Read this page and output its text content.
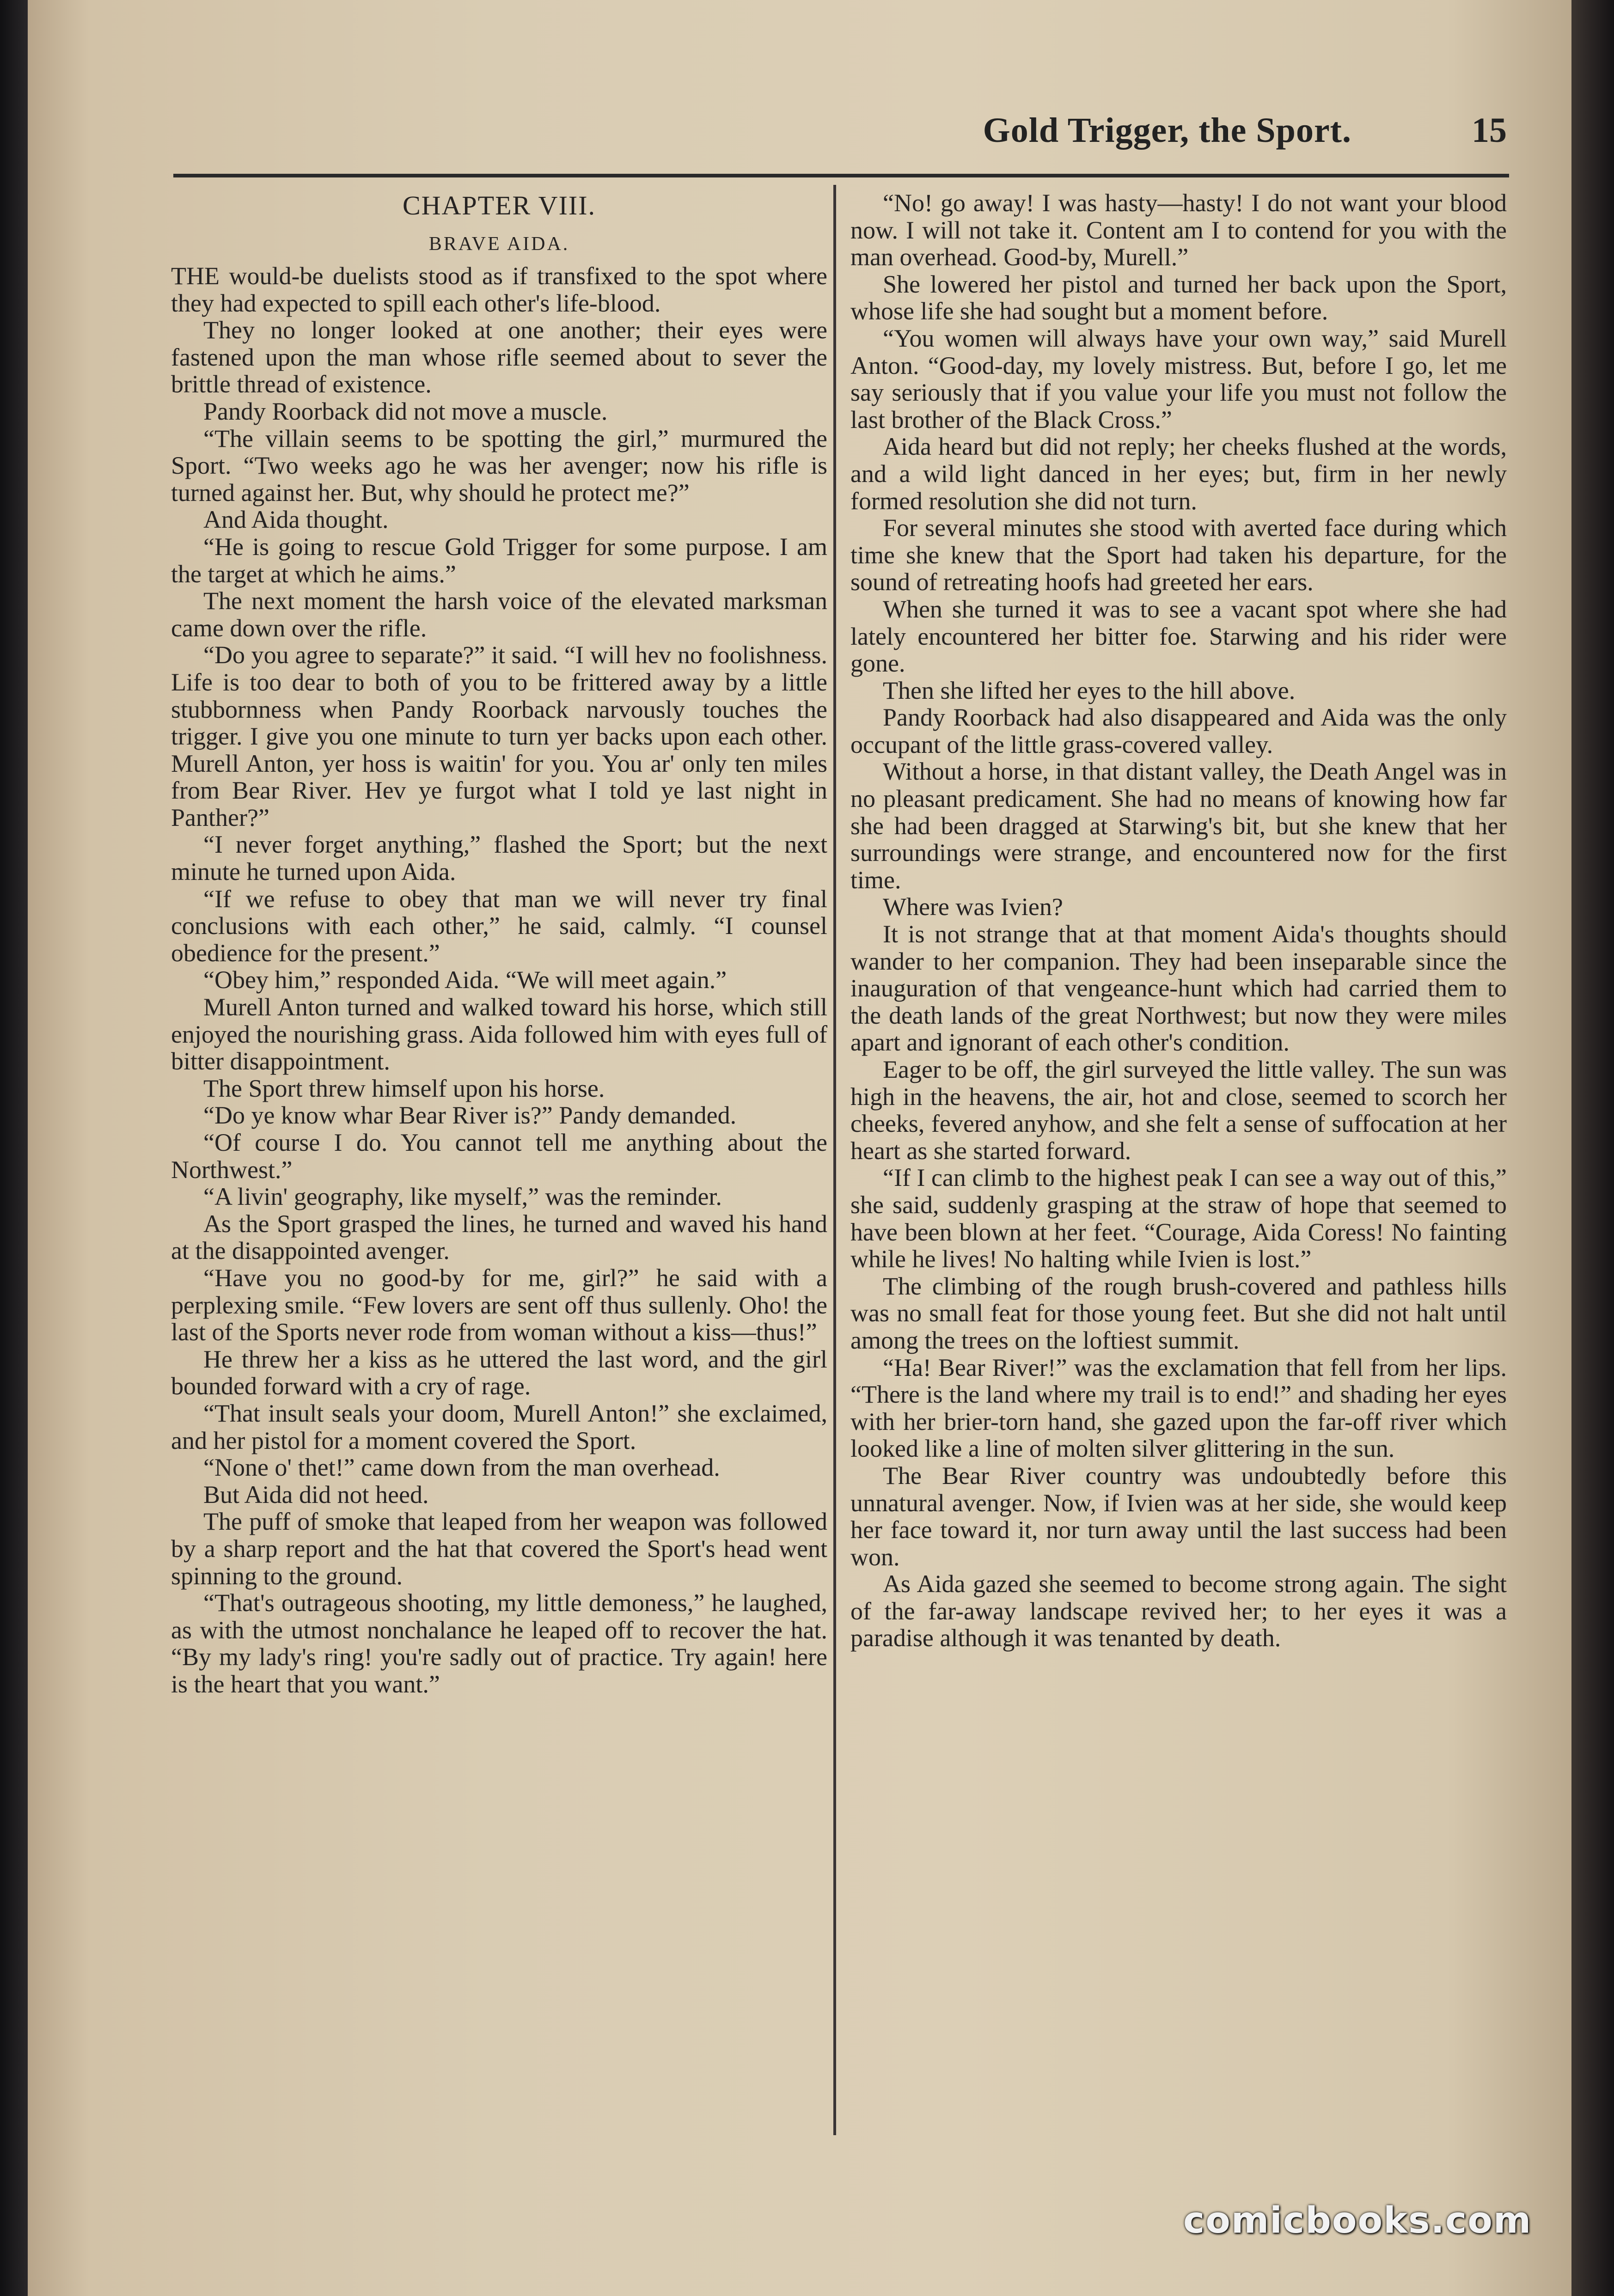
Gold Trigger, the Sport.	15
CHAPTER VIII.
BRAVE AIDA.

THE would-be duelists stood as if transfixed to the spot where they had expected to spill each other's life-blood.

They no longer looked at one another; their eyes were fastened upon the man whose rifle seemed about to sever the brittle thread of existence.

Pandy Roorback did not move a muscle.

“The villain seems to be spotting the girl,” murmured the Sport. “Two weeks ago he was her avenger; now his rifle is turned against her. But, why should he protect me?”

And Aida thought.

“He is going to rescue Gold Trigger for some purpose. I am the target at which he aims.”

The next moment the harsh voice of the elevated marksman came down over the rifle.

“Do you agree to separate?” it said. “I will hev no foolishness. Life is too dear to both of you to be frittered away by a little stubbornness when Pandy Roorback narvously touches the trigger. I give you one minute to turn yer backs upon each other. Murell Anton, yer hoss is waitin' for you. You ar' only ten miles from Bear River. Hev ye furgot what I told ye last night in Panther?”

“I never forget anything,” flashed the Sport; but the next minute he turned upon Aida.

“If we refuse to obey that man we will never try final conclusions with each other,” he said, calmly. “I counsel obedience for the present.”

“Obey him,” responded Aida. “We will meet again.”

Murell Anton turned and walked toward his horse, which still enjoyed the nourishing grass. Aida followed him with eyes full of bitter disappointment.

The Sport threw himself upon his horse.

“Do ye know whar Bear River is?” Pandy demanded.

“Of course I do. You cannot tell me anything about the Northwest.”

“A livin' geography, like myself,” was the reminder.

As the Sport grasped the lines, he turned and waved his hand at the disappointed avenger.

“Have you no good-by for me, girl?” he said with a perplexing smile. “Few lovers are sent off thus sullenly. Oho! the last of the Sports never rode from woman without a kiss—thus!”

He threw her a kiss as he uttered the last word, and the girl bounded forward with a cry of rage.

“That insult seals your doom, Murell Anton!” she exclaimed, and her pistol for a moment covered the Sport.

“None o' thet!” came down from the man overhead.

But Aida did not heed.

The puff of smoke that leaped from her weapon was followed by a sharp report and the hat that covered the Sport's head went spinning to the ground.

“That's outrageous shooting, my little demoness,” he laughed, as with the utmost nonchalance he leaped off to recover the hat. “By my lady's ring! you're sadly out of practice. Try again! here is the heart that you want.”

“No! go away! I was hasty—hasty! I do not want your blood now. I will not take it. Content am I to contend for you with the man overhead. Good-by, Murell.”

She lowered her pistol and turned her back upon the Sport, whose life she had sought but a moment before.

“You women will always have your own way,” said Murell Anton. “Good-day, my lovely mistress. But, before I go, let me say seriously that if you value your life you must not follow the last brother of the Black Cross.”

Aida heard but did not reply; her cheeks flushed at the words, and a wild light danced in her eyes; but, firm in her newly formed resolution she did not turn.

For several minutes she stood with averted face during which time she knew that the Sport had taken his departure, for the sound of retreating hoofs had greeted her ears.

When she turned it was to see a vacant spot where she had lately encountered her bitter foe. Starwing and his rider were gone.

Then she lifted her eyes to the hill above.

Pandy Roorback had also disappeared and Aida was the only occupant of the little grass-covered valley.

Without a horse, in that distant valley, the Death Angel was in no pleasant predicament. She had no means of knowing how far she had been dragged at Starwing's bit, but she knew that her surroundings were strange, and encountered now for the first time.

Where was Ivien?

It is not strange that at that moment Aida's thoughts should wander to her companion. They had been inseparable since the inauguration of that vengeance-hunt which had carried them to the death lands of the great Northwest; but now they were miles apart and ignorant of each other's condition.

Eager to be off, the girl surveyed the little valley. The sun was high in the heavens, the air, hot and close, seemed to scorch her cheeks, fevered anyhow, and she felt a sense of suffocation at her heart as she started forward.

“If I can climb to the highest peak I can see a way out of this,” she said, suddenly grasping at the straw of hope that seemed to have been blown at her feet. “Courage, Aida Coress! No fainting while he lives! No halting while Ivien is lost.”

The climbing of the rough brush-covered and pathless hills was no small feat for those young feet. But she did not halt until among the trees on the loftiest summit.

“Ha! Bear River!” was the exclamation that fell from her lips. “There is the land where my trail is to end!” and shading her eyes with her brier-torn hand, she gazed upon the far-off river which looked like a line of molten silver glittering in the sun.

The Bear River country was undoubtedly before this unnatural avenger. Now, if Ivien was at her side, she would keep her face toward it, nor turn away until the last success had been won.

As Aida gazed she seemed to become strong again. The sight of the far-away landscape revived her; to her eyes it was a paradise although it was tenanted by death.

comicbooks.com
